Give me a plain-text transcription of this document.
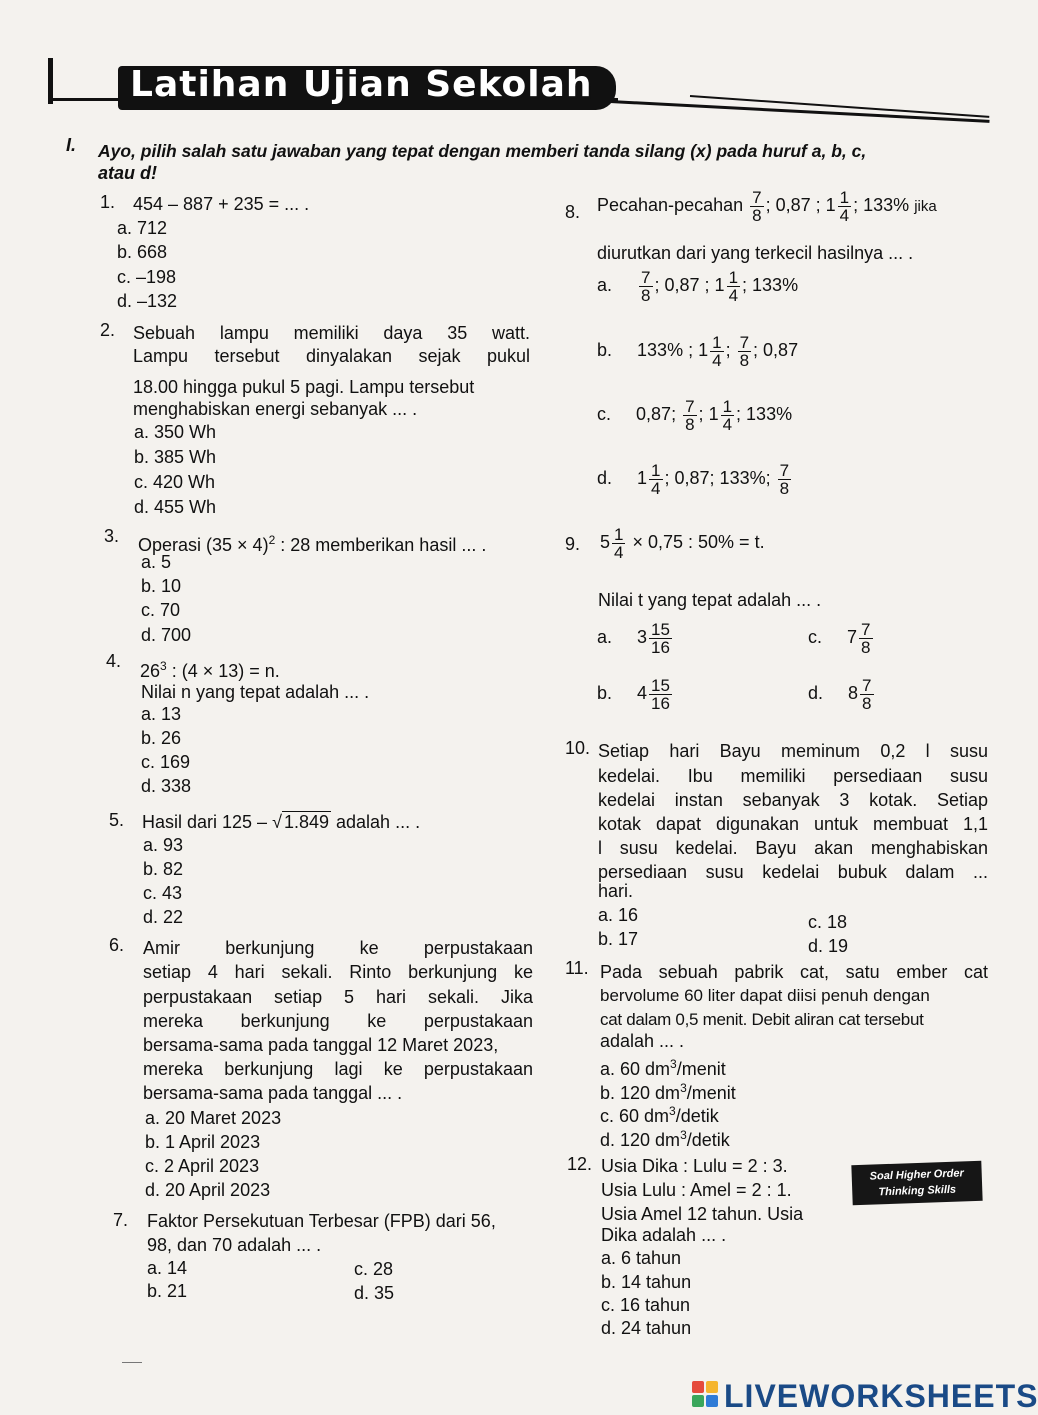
Latihan Ujian Sekolah
I. Ayo, pilih salah satu jawaban yang tepat dengan memberi tanda silang (x) pada huruf a, b, c,
atau d!
1. 454 – 887 + 235 = ... .
a. 712
b. 668
c. –198
d. –132
2. Sebuah lampu memiliki daya 35 watt.
Lampu tersebut dinyalakan sejak pukul
18.00 hingga pukul 5 pagi. Lampu tersebut
menghabiskan energi sebanyak ... .
a. 350 Wh
b. 385 Wh
c. 420 Wh
d. 455 Wh
3. Operasi $(35 \times 4)^2$ : 28 memberikan hasil ... .
a. 5
b. 10
c. 70
d. 700
4. $26^3$ : (4 × 13) = n.
Nilai n yang tepat adalah ... .
a. 13
b. 26
c. 169
d. 338
5. Hasil dari 125 – √ 1.849 adalah ... .
a. 93
b. 82
c. 43
d. 22
6. Amir berkunjung ke perpustakaan
setiap 4 hari sekali. Rinto berkunjung ke
perpustakaan setiap 5 hari sekali. Jika
mereka berkunjung ke perpustakaan
bersama-sama pada tanggal 12 Maret 2023,
mereka berkunjung lagi ke perpustakaan
bersama-sama pada tanggal ... .
a. 20 Maret 2023
b. 1 April 2023
c. 2 April 2023
d. 20 April 2023
7. Faktor Persekutuan Terbesar (FPB) dari 56,
98, dan 70 adalah ... .
a. 14
b. 21
c. 28
d. 35
8. Pecahan-pecahan $\frac{7}{8}$ ; 0,87 ; $1 \frac{1}{4}$ ; 133% jika
diurutkan dari yang terkecil hasilnya ... .
a. $\frac{7}{8}$ ; 0,87 ; $1 \frac{1}{4}$ ; 133%
b. 133% ; $1 \frac{1}{4}$ ; $\frac{7}{8}$ ; 0,87
c. 0,87; $\frac{7}{8}$ ; $1 \frac{1}{4}$ ; 133%
d. $1 \frac{1}{4}$ ; 0,87; 133%; $\frac{7}{8}$
9. $5 \frac{1}{4} \times 0,75$ : 50% = t.
Nilai t yang tepat adalah ... .
a. $3 \frac{15}{16}$	c. $7 \frac{7}{8}$
b. $4 \frac{15}{16}$	d. $8 \frac{7}{8}$
10. Setiap hari Bayu meminum 0,2 l susu
kedelai. Ibu memiliki persediaan susu
kedelai instan sebanyak 3 kotak. Setiap
kotak dapat digunakan untuk membuat 1,1
l susu kedelai. Bayu akan menghabiskan
persediaan susu kedelai bubuk dalam ...
hari.
a. 16
b. 17
c. 18
d. 19
11. Pada sebuah pabrik cat, satu ember cat
bervolume 60 liter dapat diisi penuh dengan
cat dalam 0,5 menit. Debit aliran cat tersebut
adalah ... .
a. 60 $dm^3$/menit
b. 120 $dm^3$/menit
c. 60 $dm^3$/detik
d. 120 $dm^3$/detik
12. Usia Dika : Lulu = 2 : 3.
Usia Lulu : Amel = 2 : 1.
Usia Amel 12 tahun. Usia
Dika adalah ... .
a. 6 tahun
b. 14 tahun
c. 16 tahun
d. 24 tahun
Soal Higher Order
Thinking Skills
LIVEWORKSHEETS
